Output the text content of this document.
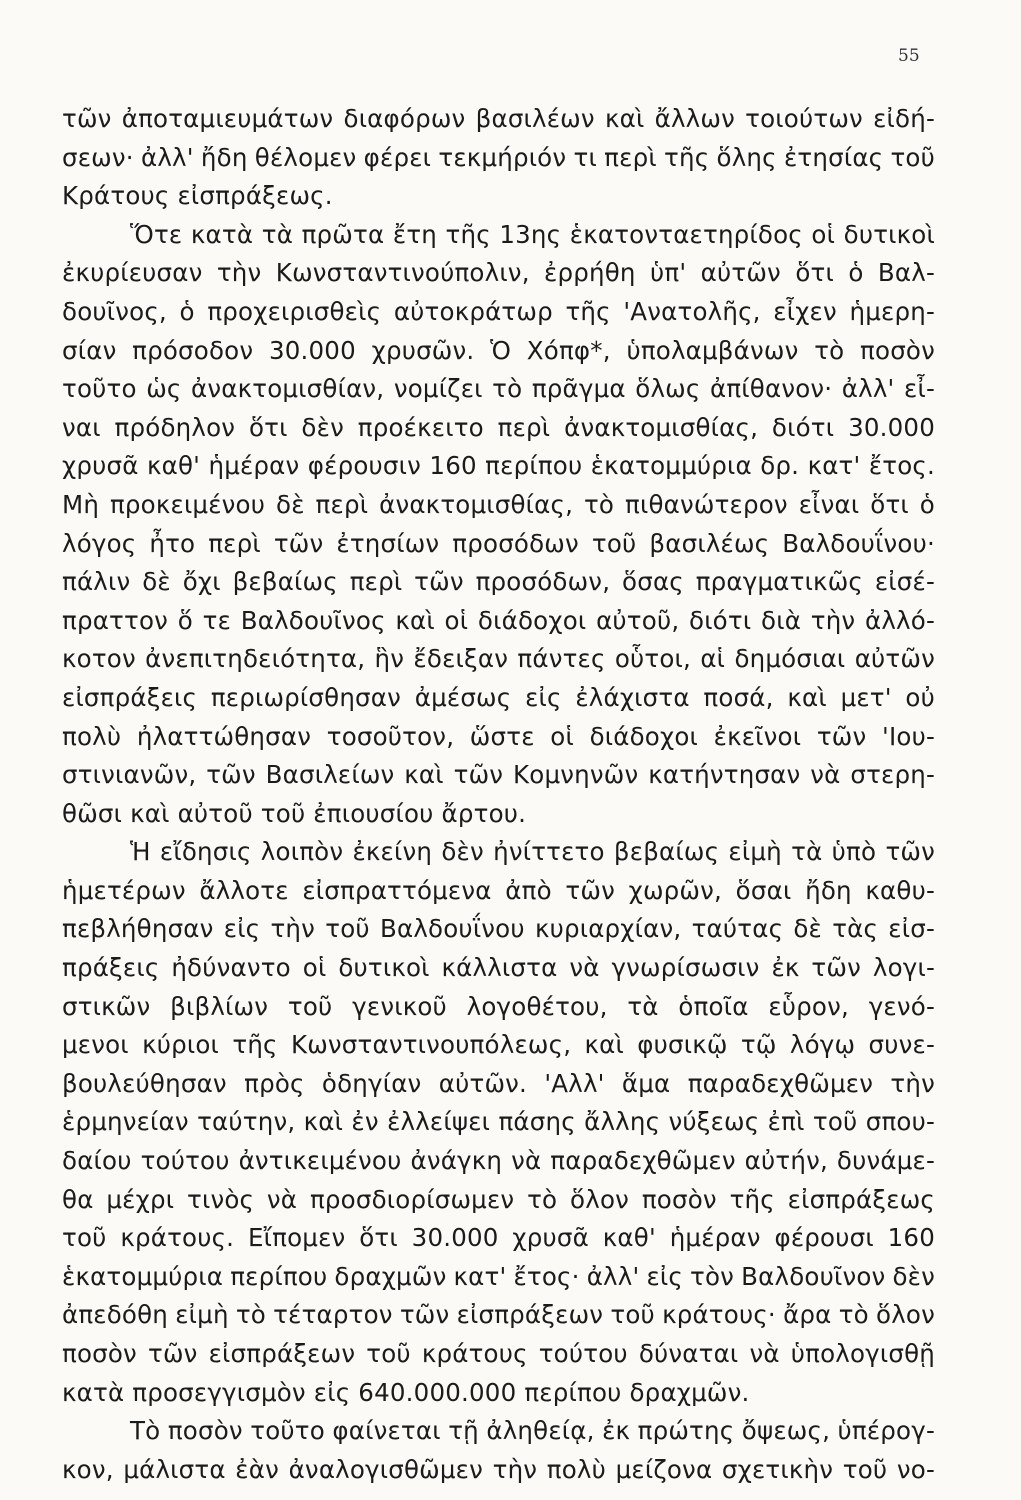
55

τῶν ἀποταμιευμάτων διαφόρων βασιλέων καὶ ἄλλων τοιούτων εἰδή-
σεων· ἀλλ' ἤδη θέλομεν φέρει τεκμήριόν τι περὶ τῆς ὅλης ἐτησίας τοῦ
Κράτους εἰσπράξεως.
Ὅτε κατὰ τὰ πρῶτα ἔτη τῆς 13ης ἑκατονταετηρίδος οἱ δυτικοὶ
ἐκυρίευσαν τὴν Κωνσταντινούπολιν, ἐρρήθη ὑπ' αὐτῶν ὅτι ὁ Βαλ-
δουῖνος, ὁ προχειρισθεὶς αὐτοκράτωρ τῆς 'Ανατολῆς, εἶχεν ἡμερη-
σίαν πρόσοδον 30.000 χρυσῶν. Ὁ Χόπφ*, ὑπολαμβάνων τὸ ποσὸν
τοῦτο ὡς ἀνακτομισθίαν, νομίζει τὸ πρᾶγμα ὅλως ἀπίθανον· ἀλλ' εἶ-
ναι πρόδηλον ὅτι δὲν προέκειτο περὶ ἀνακτομισθίας, διότι 30.000
χρυσᾶ καθ' ἡμέραν φέρουσιν 160 περίπου ἑκατομμύρια δρ. κατ' ἔτος.
Μὴ προκειμένου δὲ περὶ ἀνακτομισθίας, τὸ πιθανώτερον εἶναι ὅτι ὁ
λόγος ἦτο περὶ τῶν ἐτησίων προσόδων τοῦ βασιλέως Βαλδουΐνου·
πάλιν δὲ ὄχι βεβαίως περὶ τῶν προσόδων, ὅσας πραγματικῶς εἰσέ-
πραττον ὅ τε Βαλδουῖνος καὶ οἱ διάδοχοι αὐτοῦ, διότι διὰ τὴν ἀλλό-
κοτον ἀνεπιτηδειότητα, ἣν ἔδειξαν πάντες οὗτοι, αἱ δημόσιαι αὐτῶν
εἰσπράξεις περιωρίσθησαν ἀμέσως εἰς ἐλάχιστα ποσά, καὶ μετ' οὐ
πολὺ ἠλαττώθησαν τοσοῦτον, ὥστε οἱ διάδοχοι ἐκεῖνοι τῶν 'Ιου-
στινιανῶν, τῶν Βασιλείων καὶ τῶν Κομνηνῶν κατήντησαν νὰ στερη-
θῶσι καὶ αὐτοῦ τοῦ ἐπιουσίου ἄρτου.
Ἡ εἴδησις λοιπὸν ἐκείνη δὲν ἠνίττετο βεβαίως εἰμὴ τὰ ὑπὸ τῶν
ἡμετέρων ἄλλοτε εἰσπραττόμενα ἀπὸ τῶν χωρῶν, ὅσαι ἤδη καθυ-
πεβλήθησαν εἰς τὴν τοῦ Βαλδουΐνου κυριαρχίαν, ταύτας δὲ τὰς εἰσ-
πράξεις ἠδύναντο οἱ δυτικοὶ κάλλιστα νὰ γνωρίσωσιν ἐκ τῶν λογι-
στικῶν βιβλίων τοῦ γενικοῦ λογοθέτου, τὰ ὁποῖα εὗρον, γενό-
μενοι κύριοι τῆς Κωνσταντινουπόλεως, καὶ φυσικῷ τῷ λόγῳ συνε-
βουλεύθησαν πρὸς ὁδηγίαν αὐτῶν. 'Αλλ' ἅμα παραδεχθῶμεν τὴν
ἑρμηνείαν ταύτην, καὶ ἐν ἐλλείψει πάσης ἄλλης νύξεως ἐπὶ τοῦ σπου-
δαίου τούτου ἀντικειμένου ἀνάγκη νὰ παραδεχθῶμεν αὐτήν, δυνάμε-
θα μέχρι τινὸς νὰ προσδιορίσωμεν τὸ ὅλον ποσὸν τῆς εἰσπράξεως
τοῦ κράτους. Εἴπομεν ὅτι 30.000 χρυσᾶ καθ' ἡμέραν φέρουσι 160
ἑκατομμύρια περίπου δραχμῶν κατ' ἔτος· ἀλλ' εἰς τὸν Βαλδουῖνον δὲν
ἀπεδόθη εἰμὴ τὸ τέταρτον τῶν εἰσπράξεων τοῦ κράτους· ἄρα τὸ ὅλον
ποσὸν τῶν εἰσπράξεων τοῦ κράτους τούτου δύναται νὰ ὑπολογισθῇ
κατὰ προσεγγισμὸν εἰς 640.000.000 περίπου δραχμῶν.
Τὸ ποσὸν τοῦτο φαίνεται τῇ ἀληθείᾳ, ἐκ πρώτης ὄψεως, ὑπέρογ-
κον, μάλιστα ἐὰν ἀναλογισθῶμεν τὴν πολὺ μείζονα σχετικὴν τοῦ νο-
